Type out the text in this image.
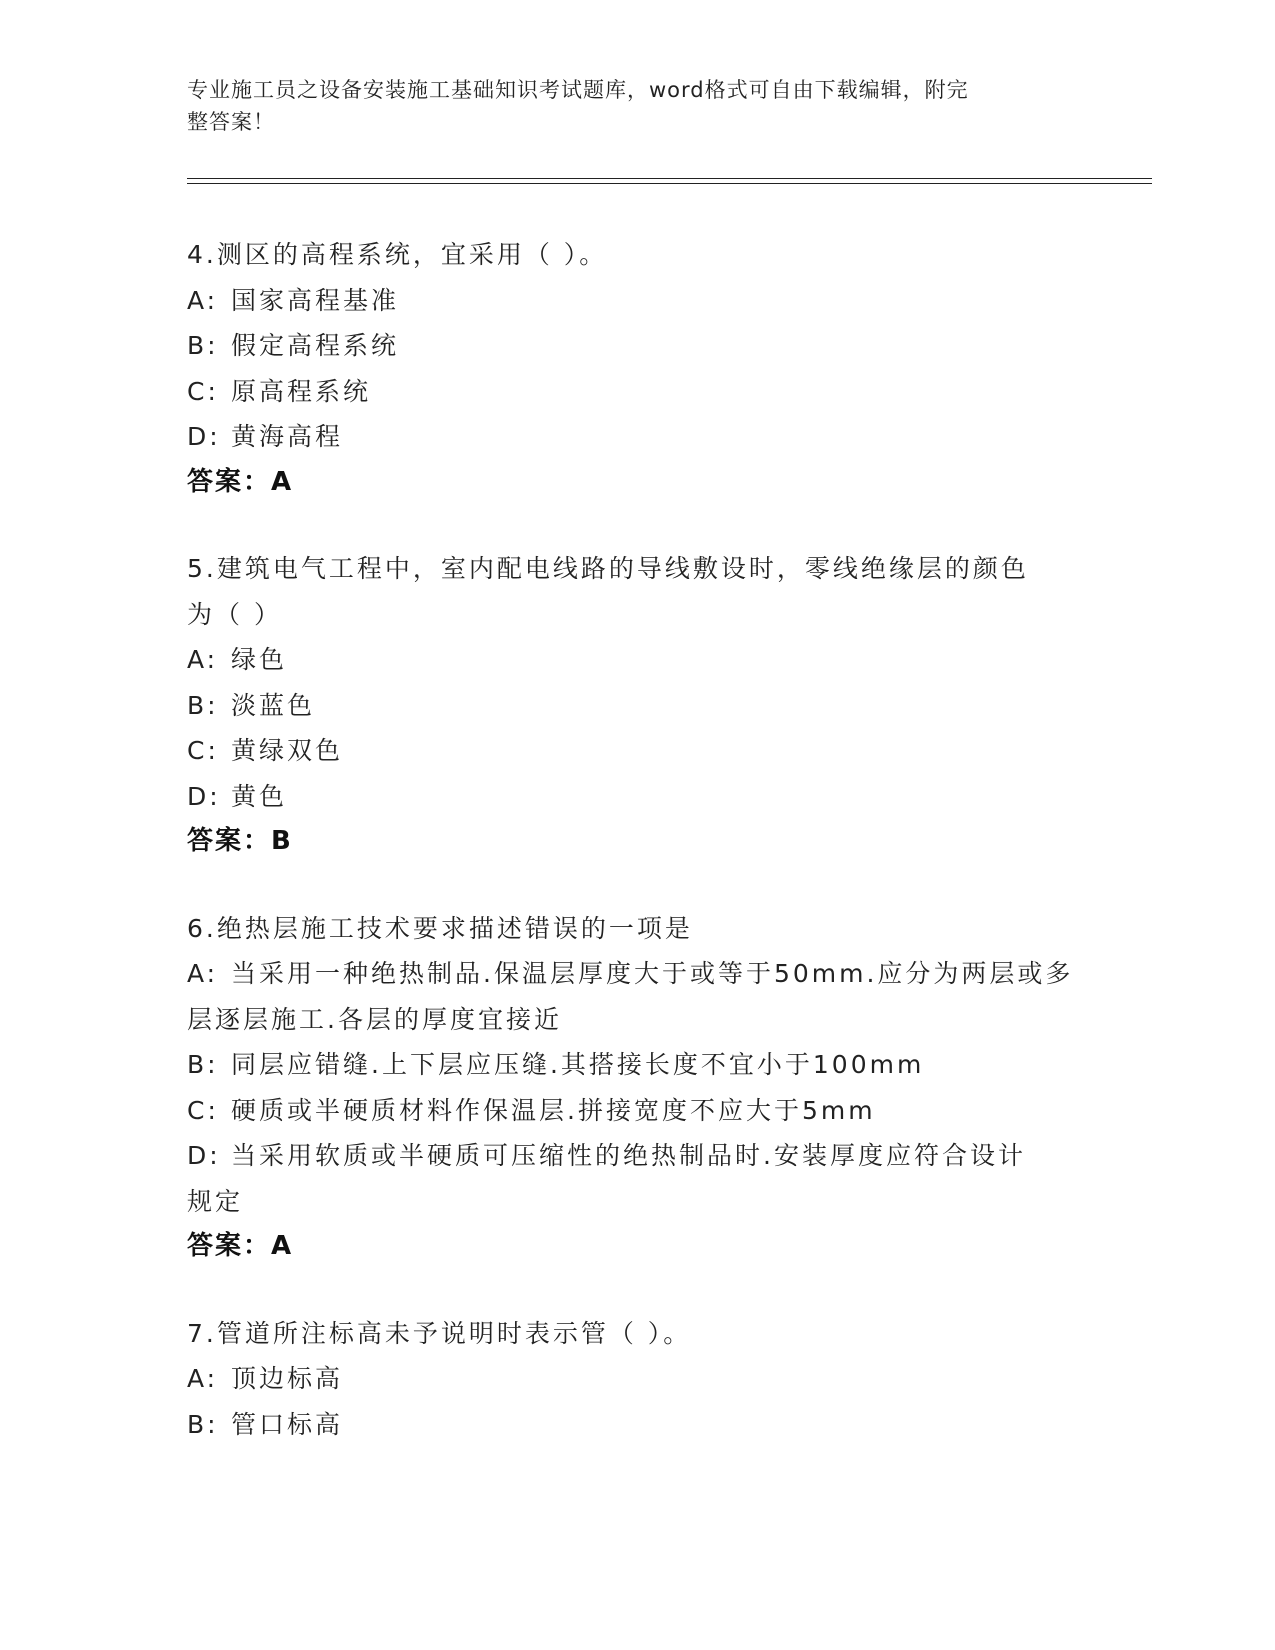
专业施工员之设备安装施工基础知识考试题库，word格式可自由下载编辑，附完
整答案！
4.测区的高程系统，宜采用（ ）。
A: 国家高程基准
B: 假定高程系统
C: 原高程系统
D: 黄海高程
答案：A
5.建筑电气工程中，室内配电线路的导线敷设时，零线绝缘层的颜色
为（ ）
A: 绿色
B: 淡蓝色
C: 黄绿双色
D: 黄色
答案：B
6.绝热层施工技术要求描述错误的一项是
A: 当采用一种绝热制品.保温层厚度大于或等于50mm.应分为两层或多
层逐层施工.各层的厚度宜接近
B: 同层应错缝.上下层应压缝.其搭接长度不宜小于100mm
C: 硬质或半硬质材料作保温层.拼接宽度不应大于5mm
D: 当采用软质或半硬质可压缩性的绝热制品时.安装厚度应符合设计
规定
答案：A
7.管道所注标高未予说明时表示管（ ）。
A: 顶边标高
B: 管口标高
